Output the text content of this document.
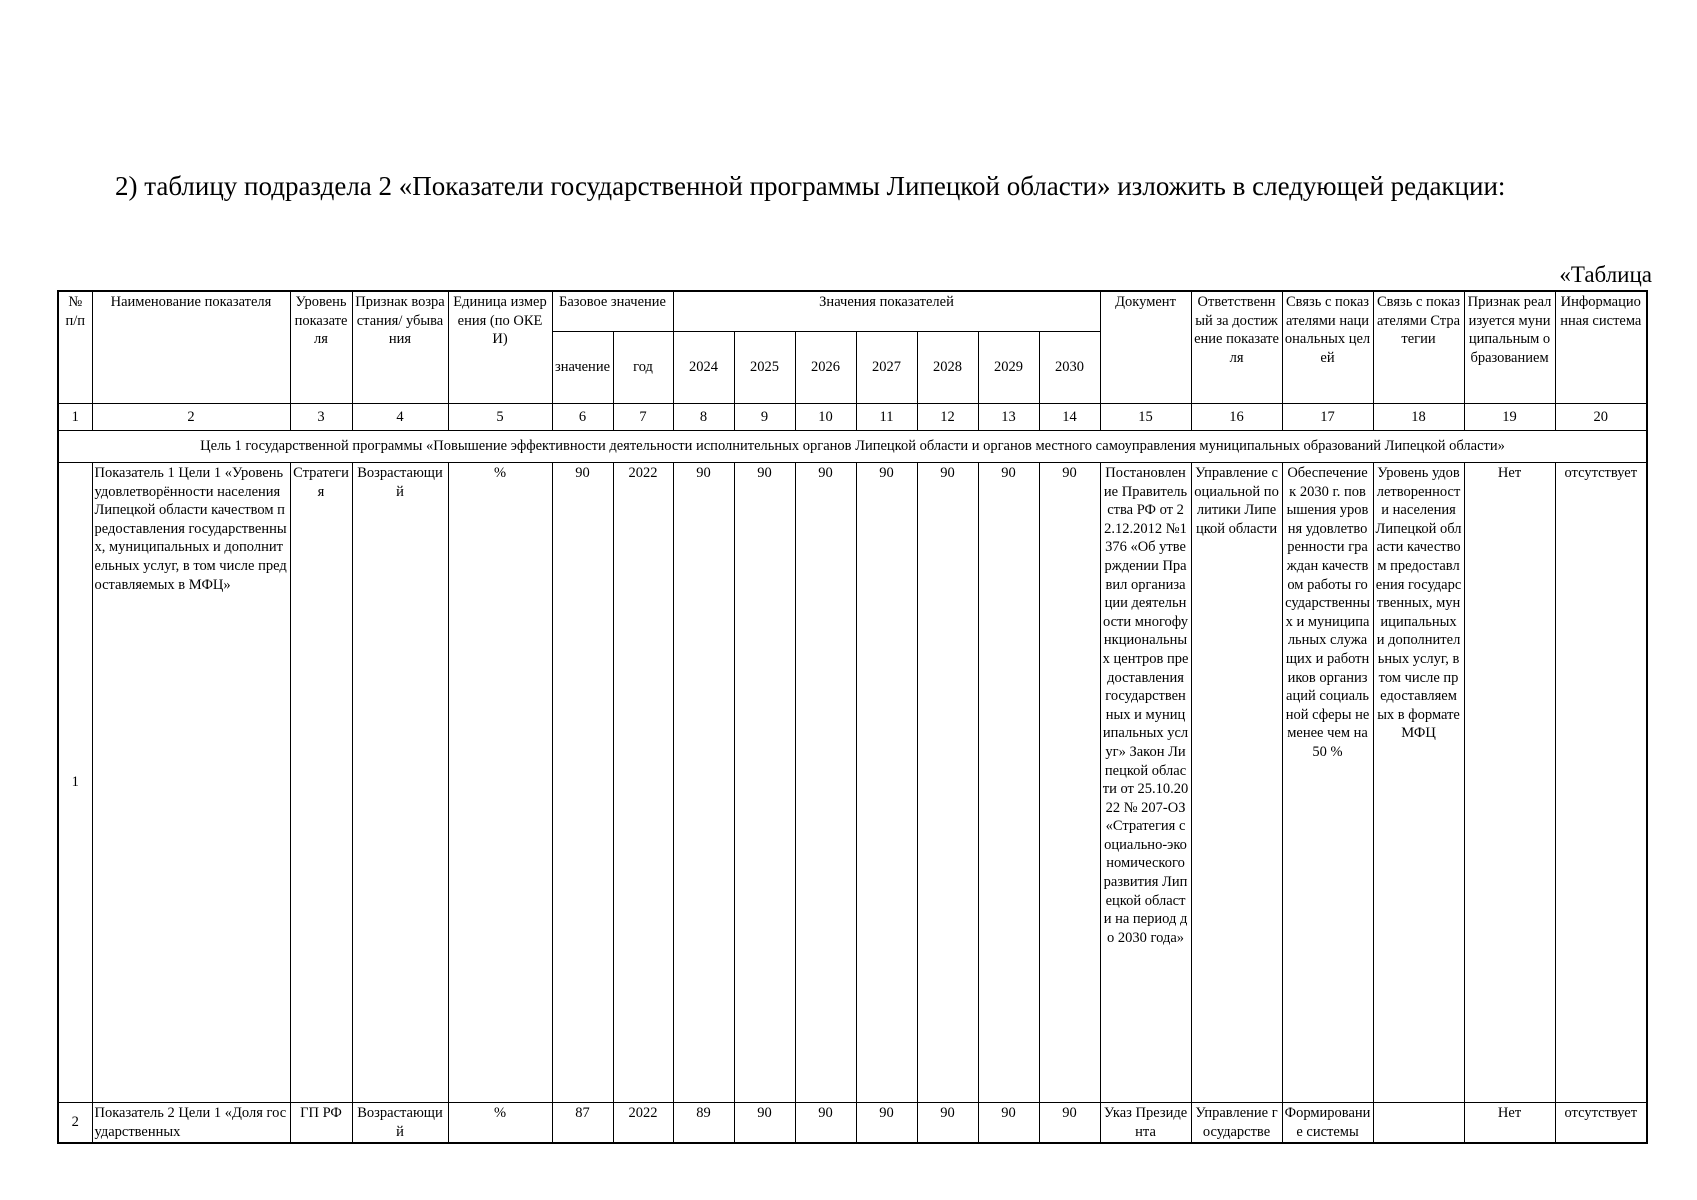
2) таблицу подраздела 2 «Показатели государственной программы Липецкой области» изложить в следующей редакции:
«Таблица
№ п/п	Наименование показателя	Уровень показателя	Признак возрастания/ убывания	Единица измерения (по ОКЕИ)	Базовое значение		Значения показателей							Документ	Ответственный за достижение показателя	Связь с показателями национальных целей	Связь с показателями Стратегии	Признак реализуется муниципальным образованием	Информационная система
					значение	год	2024	2025	2026	2027	2028	2029	2030						
1	2	3	4	5	6	7	8	9	10	11	12	13	14	15	16	17	18	19	20
Цель 1 государственной программы «Повышение эффективности деятельности исполнительных органов Липецкой области и органов местного самоуправления муниципальных образований Липецкой области»																			
1	Показатель 1 Цели 1 «Уровень удовлетворённости населения Липецкой области качеством предоставления государственных, муниципальных и дополнительных услуг, в том числе предоставляемых в МФЦ»	Стратегия	Возрастающий	%	90	2022	90	90	90	90	90	90	90	Постановление Правительства РФ от 22.12.2012 №1376 «Об утверждении Правил организации деятельности многофункциональных центров предоставления государственных и муниципальных услуг» Закон Липецкой области от 25.10.2022 № 207-ОЗ «Стратегия социально-экономического развития Липецкой области на период до 2030 года»	Управление социальной политики Липецкой области	Обеспечение к 2030 г. повышения уровня удовлетворенности граждан качеством работы государственных и муниципальных служащих и работников организаций социальной сферы не менее чем на 50 %	Уровень удовлетворенности населения Липецкой области качеством предоставления государственных, муниципальных и дополнительных услуг, в том числе предоставляемых в формате МФЦ	Нет	отсутствует
2	Показатель 2 Цели 1 «Доля государственных	ГП РФ	Возрастающий	%	87	2022	89	90	90	90	90	90	90	Указ Президента	Управление государстве	Формирование системы		Нет	отсутствует
